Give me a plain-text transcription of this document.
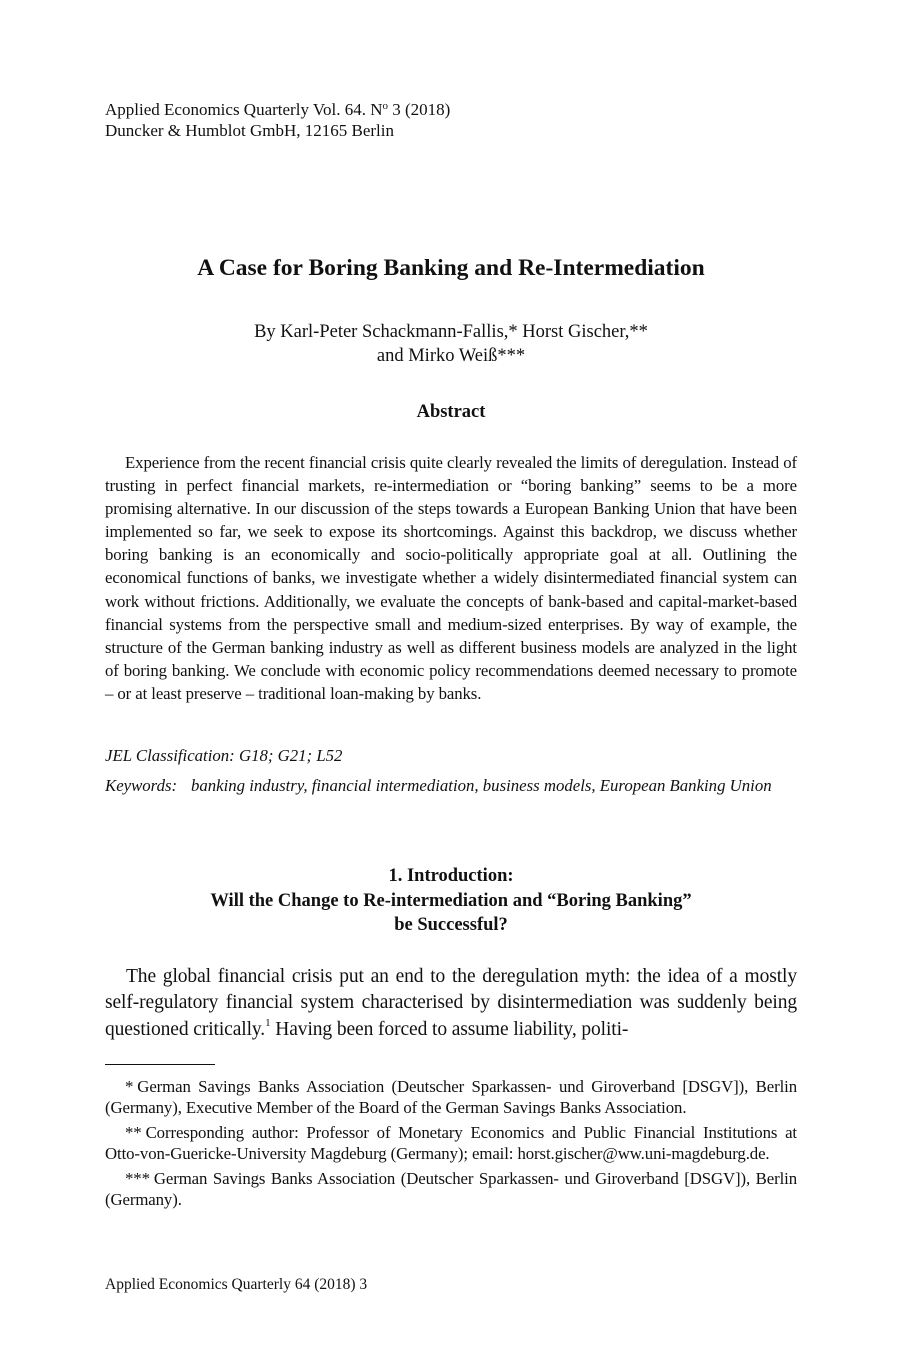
Applied Economics Quarterly Vol. 64. $N^o$ 3 (2018)
Duncker & Humblot GmbH, 12165 Berlin
A Case for Boring Banking and Re-Intermediation
By Karl-Peter Schackmann-Fallis,* Horst Gischer,**
and Mirko Weiß***
Abstract

Experience from the recent financial crisis quite clearly revealed the limits of deregulation. Instead of trusting in perfect financial markets, re-intermediation or “boring banking” seems to be a more promising alternative. In our discussion of the steps towards a European Banking Union that have been implemented so far, we seek to expose its shortcomings. Against this backdrop, we discuss whether boring banking is an economically and socio-politically appropriate goal at all. Outlining the economical functions of banks, we investigate whether a widely disintermediated financial system can work without frictions. Additionally, we evaluate the concepts of bank-based and capital-market-based financial systems from the perspective small and medium-sized enterprises. By way of example, the structure of the German banking industry as well as different business models are analyzed in the light of boring banking. We conclude with economic policy recommendations deemed necessary to promote – or at least preserve – traditional loan-making by banks.

JEL Classification: G18; G21; L52
Keywords: banking industry, financial intermediation, business models, European Banking Union
1. Introduction:
Will the Change to Re-intermediation and “Boring Banking”
be Successful?

The global financial crisis put an end to the deregulation myth: the idea of a mostly self-regulatory financial system characterised by disintermediation was suddenly being questioned critically.$^1$ Having been forced to assume liability, politi-

* German Savings Banks Association (Deutscher Sparkassen- und Giroverband [DSGV]), Berlin (Germany), Executive Member of the Board of the German Savings Banks Association.

** Corresponding author: Professor of Monetary Economics and Public Financial Institutions at Otto-von-Guericke-University Magdeburg (Germany); email: horst.gischer@ww.uni-magdeburg.de.

*** German Savings Banks Association (Deutscher Sparkassen- und Giroverband [DSGV]), Berlin (Germany).

Applied Economics Quarterly 64 (2018) 3
